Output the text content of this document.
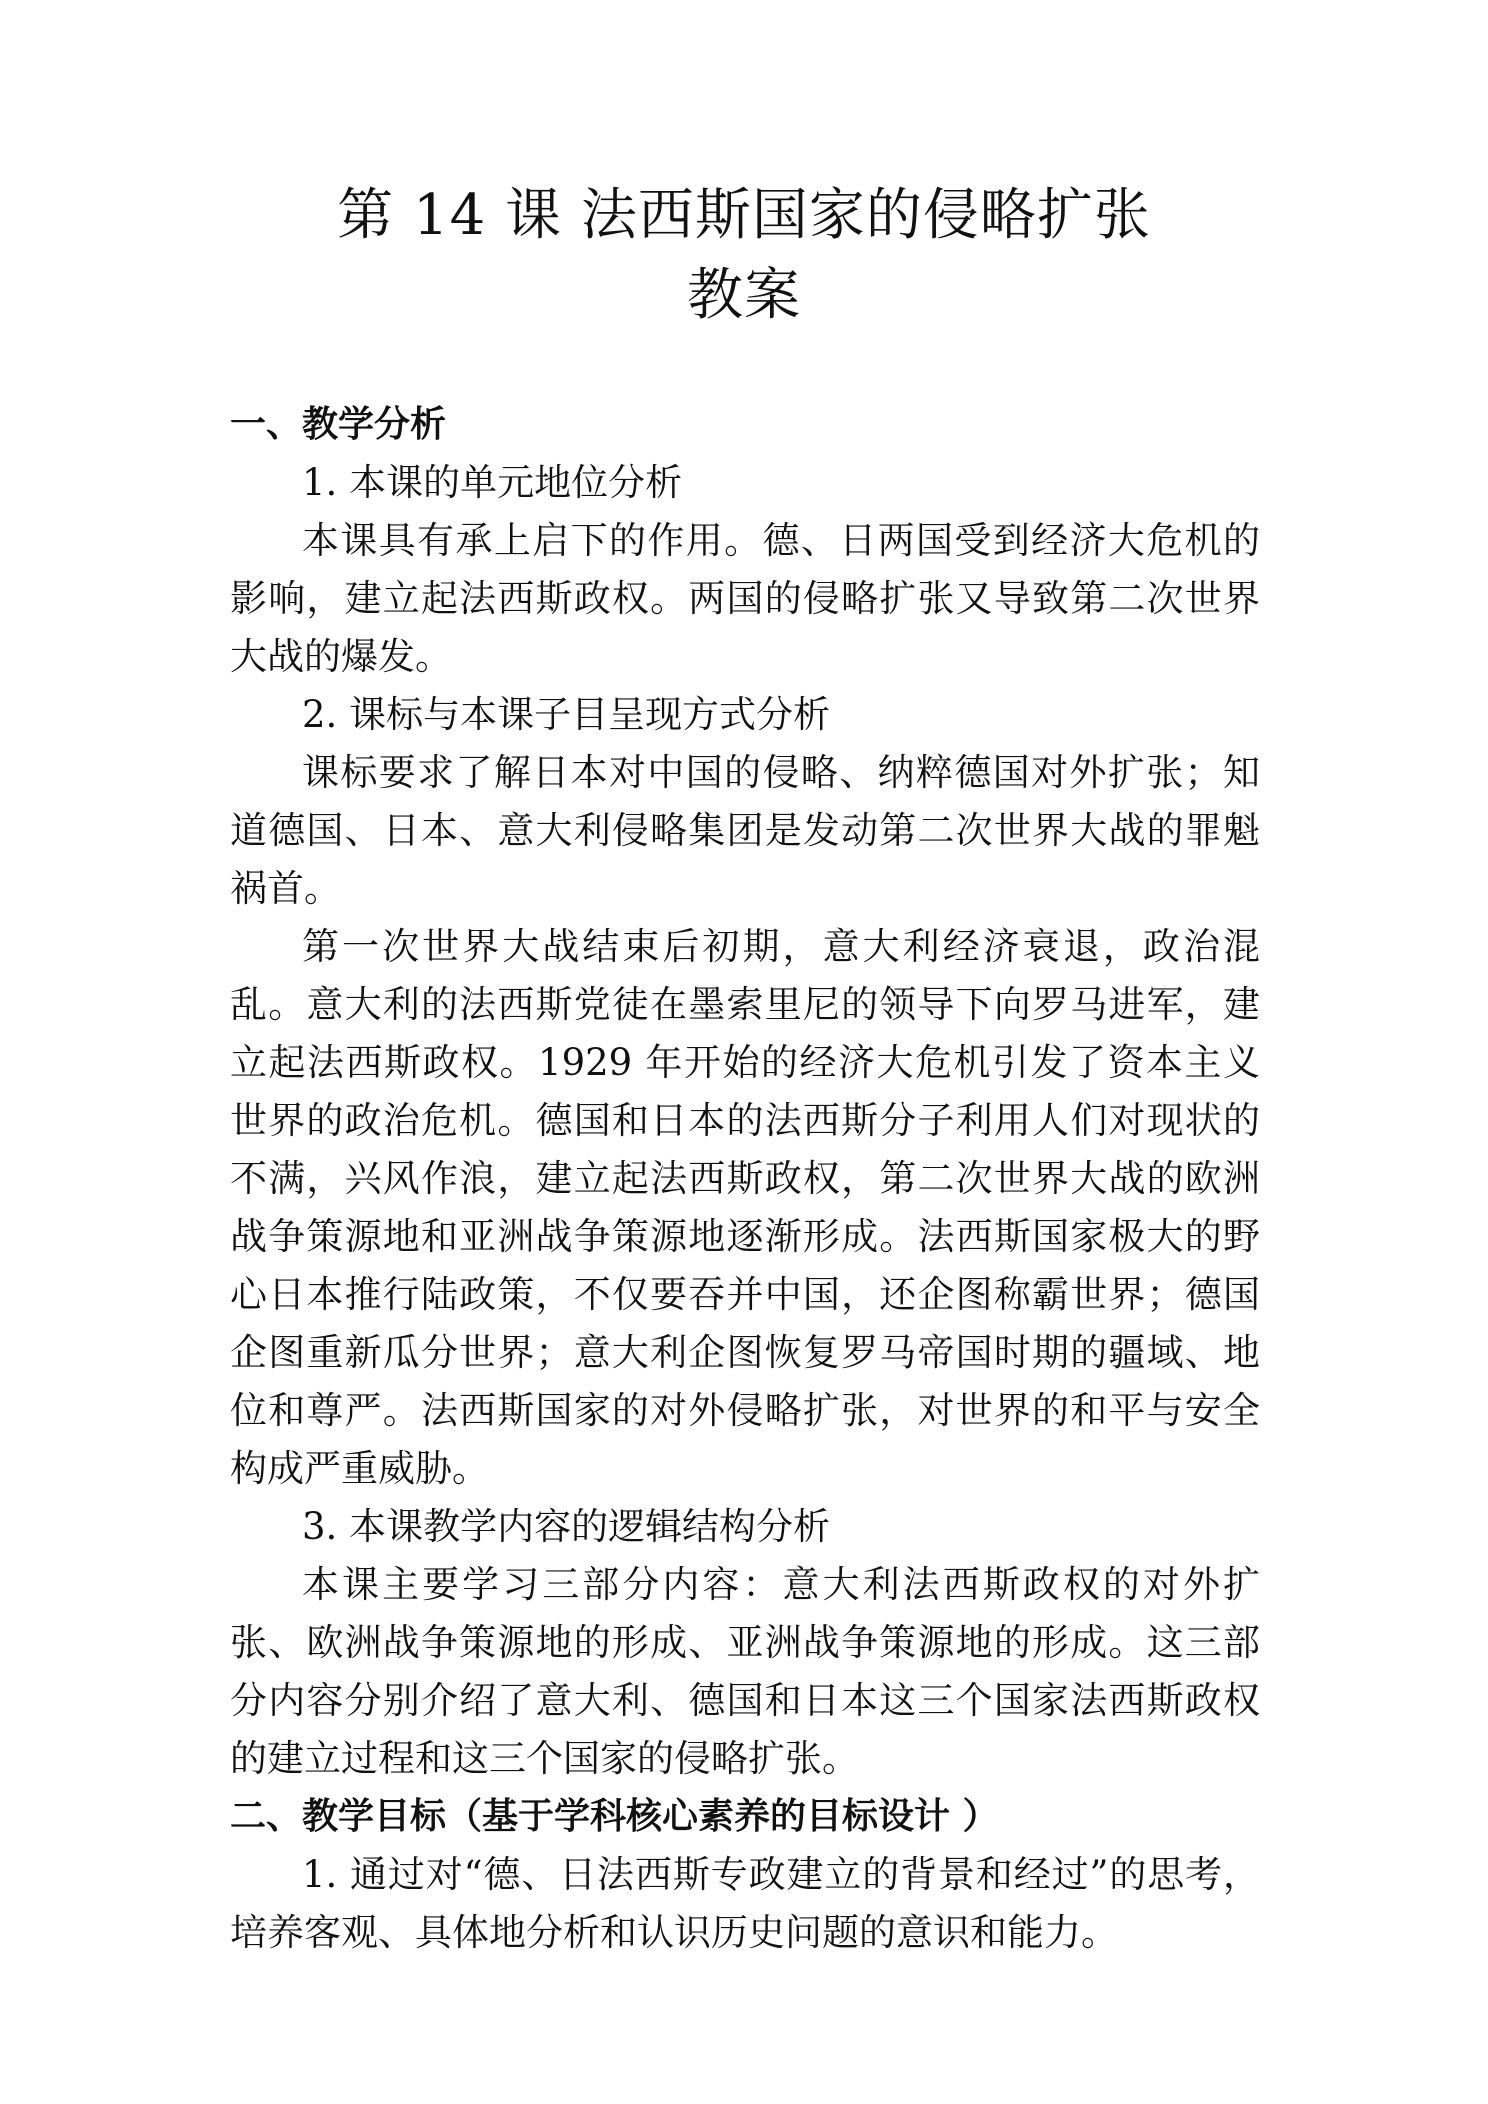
第 14 课 法西斯国家的侵略扩张
教案
一、教学分析
1. 本课的单元地位分析
本课具有承上启下的作用。德、日两国受到经济大危机的影响，建立起法西斯政权。两国的侵略扩张又导致第二次世界大战的爆发。
2. 课标与本课子目呈现方式分析
课标要求了解日本对中国的侵略、纳粹德国对外扩张；知道德国、日本、意大利侵略集团是发动第二次世界大战的罪魁祸首。
第一次世界大战结束后初期，意大利经济衰退，政治混乱。意大利的法西斯党徒在墨索里尼的领导下向罗马进军，建立起法西斯政权。1929 年开始的经济大危机引发了资本主义世界的政治危机。德国和日本的法西斯分子利用人们对现状的不满，兴风作浪，建立起法西斯政权，第二次世界大战的欧洲战争策源地和亚洲战争策源地逐渐形成。法西斯国家极大的野心日本推行陆政策，不仅要吞并中国，还企图称霸世界；德国企图重新瓜分世界；意大利企图恢复罗马帝国时期的疆域、地位和尊严。法西斯国家的对外侵略扩张，对世界的和平与安全构成严重威胁。
3. 本课教学内容的逻辑结构分析
本课主要学习三部分内容：意大利法西斯政权的对外扩张、欧洲战争策源地的形成、亚洲战争策源地的形成。这三部分内容分别介绍了意大利、德国和日本这三个国家法西斯政权的建立过程和这三个国家的侵略扩张。
二、教学目标（基于学科核心素养的目标设计 ）
1. 通过对“德、日法西斯专政建立的背景和经过”的思考，培养客观、具体地分析和认识历史问题的意识和能力。
